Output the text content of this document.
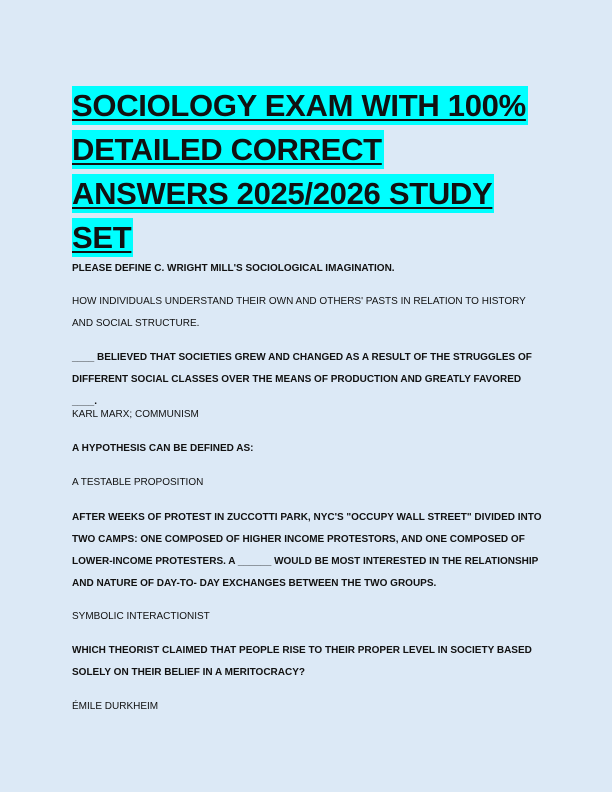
SOCIOLOGY EXAM WITH 100% DETAILED CORRECT ANSWERS 2025/2026 STUDY SET
PLEASE DEFINE C. WRIGHT MILL'S SOCIOLOGICAL IMAGINATION.
HOW INDIVIDUALS UNDERSTAND THEIR OWN AND OTHERS' PASTS IN RELATION TO HISTORY AND SOCIAL STRUCTURE.
____ BELIEVED THAT SOCIETIES GREW AND CHANGED AS A RESULT OF THE STRUGGLES OF DIFFERENT SOCIAL CLASSES OVER THE MEANS OF PRODUCTION AND GREATLY FAVORED ____.
KARL MARX; COMMUNISM
A HYPOTHESIS CAN BE DEFINED AS:
A TESTABLE PROPOSITION
AFTER WEEKS OF PROTEST IN ZUCCOTTI PARK, NYC'S "OCCUPY WALL STREET" DIVIDED INTO TWO CAMPS: ONE COMPOSED OF HIGHER INCOME PROTESTORS, AND ONE COMPOSED OF LOWER-INCOME PROTESTERS. A ______ WOULD BE MOST INTERESTED IN THE RELATIONSHIP AND NATURE OF DAY-TO- DAY EXCHANGES BETWEEN THE TWO GROUPS.
SYMBOLIC INTERACTIONIST
WHICH THEORIST CLAIMED THAT PEOPLE RISE TO THEIR PROPER LEVEL IN SOCIETY BASED SOLELY ON THEIR BELIEF IN A MERITOCRACY?
ÉMILE DURKHEIM
